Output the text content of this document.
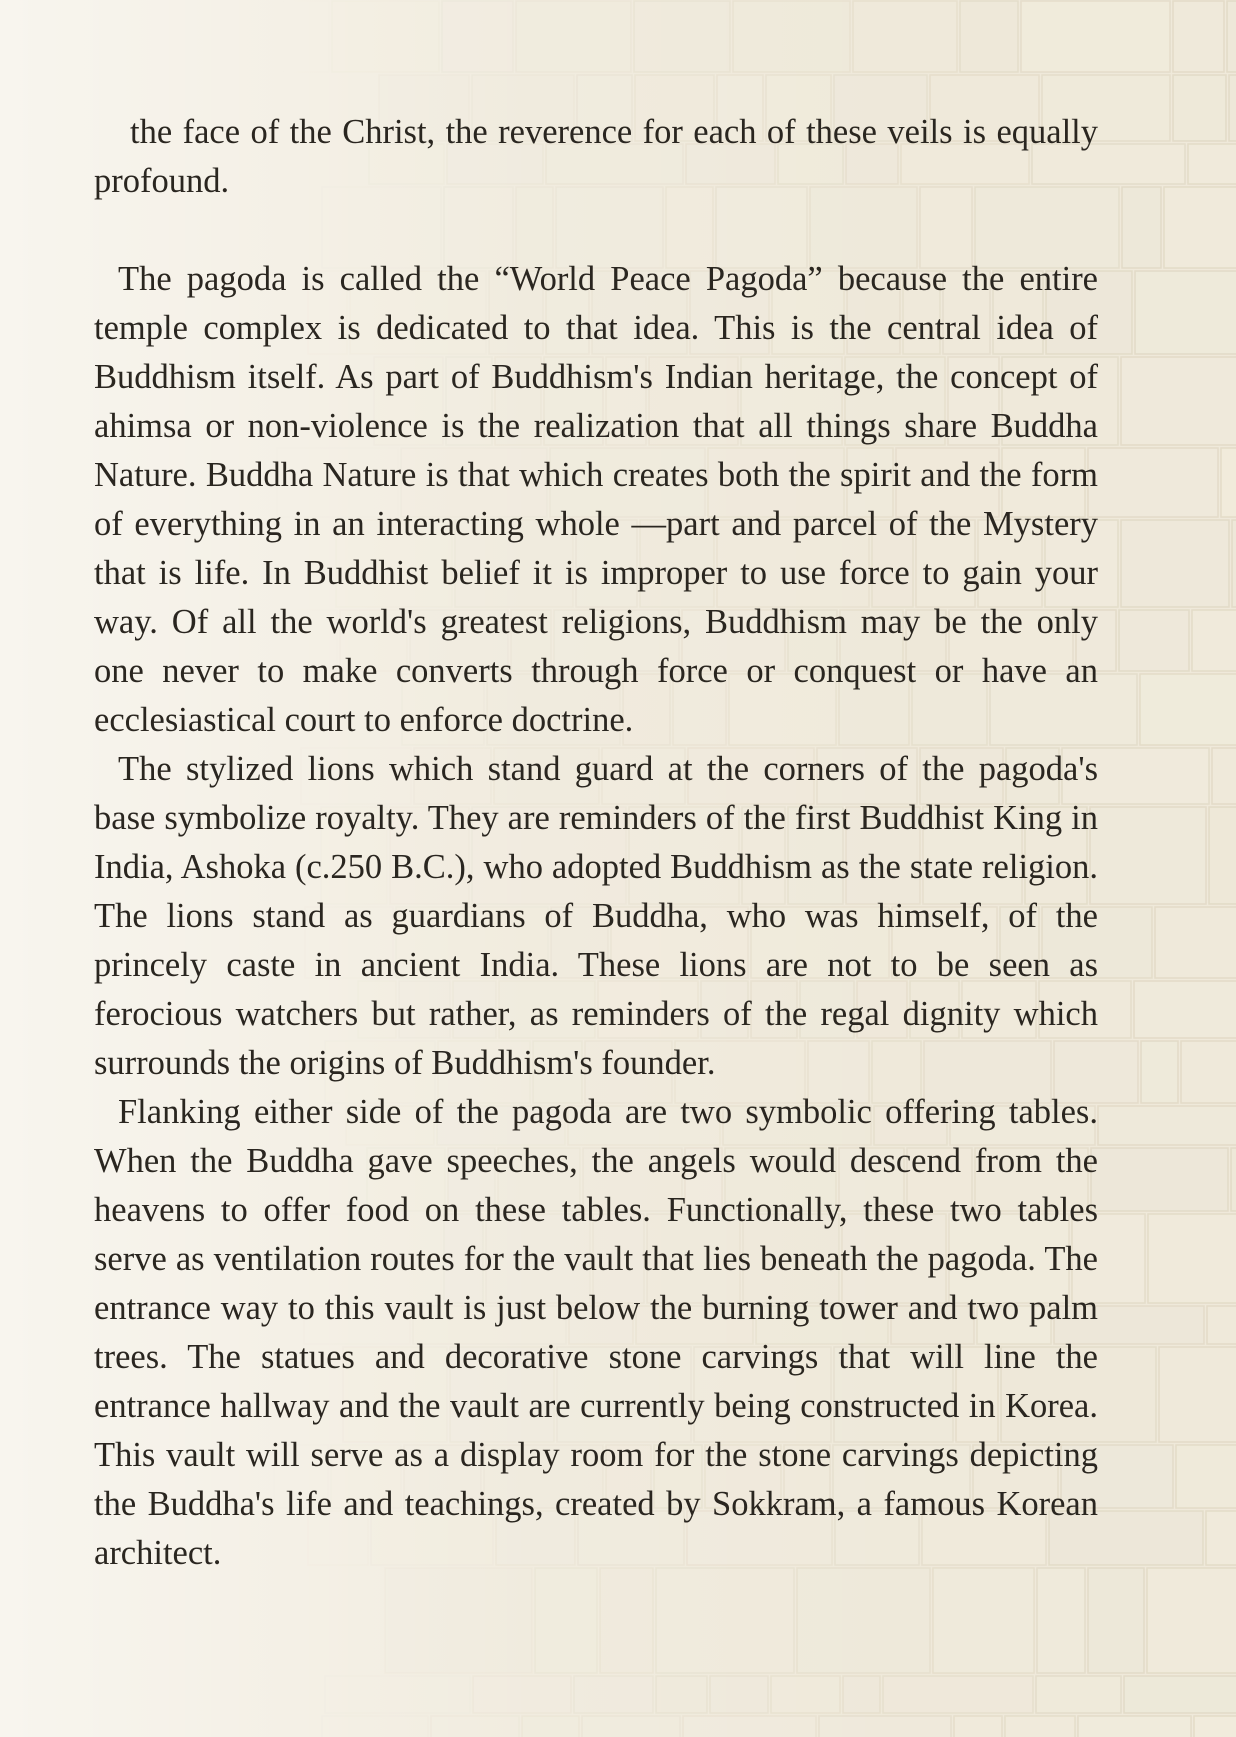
the face of the Christ, the reverence for each of these veils is equally profound.

The pagoda is called the “World Peace Pagoda” because the entire temple complex is dedicated to that idea. This is the central idea of Buddhism itself. As part of Buddhism's Indian heritage, the concept of ahimsa or non-violence is the realization that all things share Buddha Nature. Buddha Nature is that which creates both the spirit and the form of everything in an interacting whole —part and parcel of the Mystery that is life. In Buddhist belief it is improper to use force to gain your way. Of all the world's greatest religions, Buddhism may be the only one never to make converts through force or conquest or have an ecclesiastical court to enforce doctrine.

The stylized lions which stand guard at the corners of the pagoda's base symbolize royalty. They are reminders of the first Buddhist King in India, Ashoka (c.250 B.C.), who adopted Buddhism as the state religion. The lions stand as guardians of Buddha, who was himself, of the princely caste in ancient India. These lions are not to be seen as ferocious watchers but rather, as reminders of the regal dignity which surrounds the origins of Buddhism's founder.

Flanking either side of the pagoda are two symbolic offering tables. When the Buddha gave speeches, the angels would descend from the heavens to offer food on these tables. Functionally, these two tables serve as ventilation routes for the vault that lies beneath the pagoda. The entrance way to this vault is just below the burning tower and two palm trees. The statues and decorative stone carvings that will line the entrance hallway and the vault are currently being constructed in Korea. This vault will serve as a display room for the stone carvings depicting the Buddha's life and teachings, created by Sokkram, a famous Korean architect.
